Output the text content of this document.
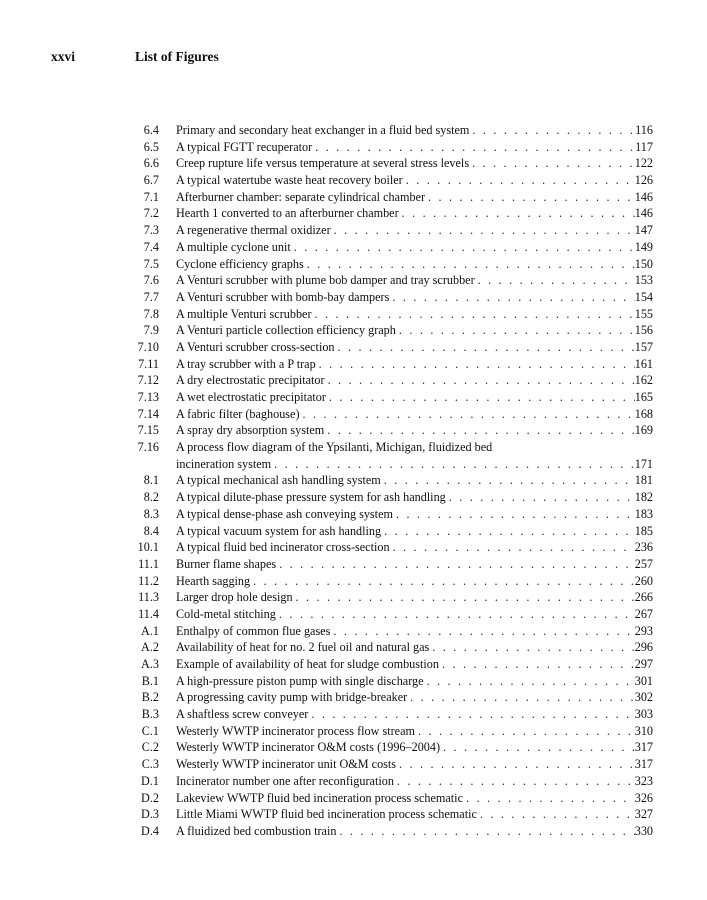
xxvi	List of Figures
6.4 Primary and secondary heat exchanger in a fluid bed system . . .	116
6.5 A typical FGTT recuperator . . .	117
6.6 Creep rupture life versus temperature at several stress levels . . .	122
6.7 A typical watertube waste heat recovery boiler . . .	126
7.1 Afterburner chamber: separate cylindrical chamber . . .	146
7.2 Hearth 1 converted to an afterburner chamber . . .	146
7.3 A regenerative thermal oxidizer . . .	147
7.4 A multiple cyclone unit . . .	149
7.5 Cyclone efficiency graphs . . .	150
7.6 A Venturi scrubber with plume bob damper and tray scrubber . . .	153
7.7 A Venturi scrubber with bomb-bay dampers . . .	154
7.8 A multiple Venturi scrubber . . .	155
7.9 A Venturi particle collection efficiency graph . . .	156
7.10 A Venturi scrubber cross-section . . .	157
7.11 A tray scrubber with a P trap . . .	161
7.12 A dry electrostatic precipitator . . .	162
7.13 A wet electrostatic precipitator . . .	165
7.14 A fabric filter (baghouse) . . .	168
7.15 A spray dry absorption system . . .	169
7.16 A process flow diagram of the Ypsilanti, Michigan, fluidized bed
incineration system . . .	171
8.1 A typical mechanical ash handling system . . .	181
8.2 A typical dilute-phase pressure system for ash handling . . .	182
8.3 A typical dense-phase ash conveying system . . .	183
8.4 A typical vacuum system for ash handling . . .	185
10.1 A typical fluid bed incinerator cross-section . . .	236
11.1 Burner flame shapes . . .	257
11.2 Hearth sagging . . .	260
11.3 Larger drop hole design . . .	266
11.4 Cold-metal stitching . . .	267
A.1 Enthalpy of common flue gases . . .	293
A.2 Availability of heat for no. 2 fuel oil and natural gas . . .	296
A.3 Example of availability of heat for sludge combustion . . .	297
B.1 A high-pressure piston pump with single discharge . . .	301
B.2 A progressing cavity pump with bridge-breaker . . .	302
B.3 A shaftless screw conveyer . . .	303
C.1 Westerly WWTP incinerator process flow stream . . .	310
C.2 Westerly WWTP incinerator O&M costs (1996–2004) . . .	317
C.3 Westerly WWTP incinerator unit O&M costs . . .	317
D.1 Incinerator number one after reconfiguration . . .	323
D.2 Lakeview WWTP fluid bed incineration process schematic . . .	326
D.3 Little Miami WWTP fluid bed incineration process schematic . . .	327
D.4 A fluidized bed combustion train . . .	330
